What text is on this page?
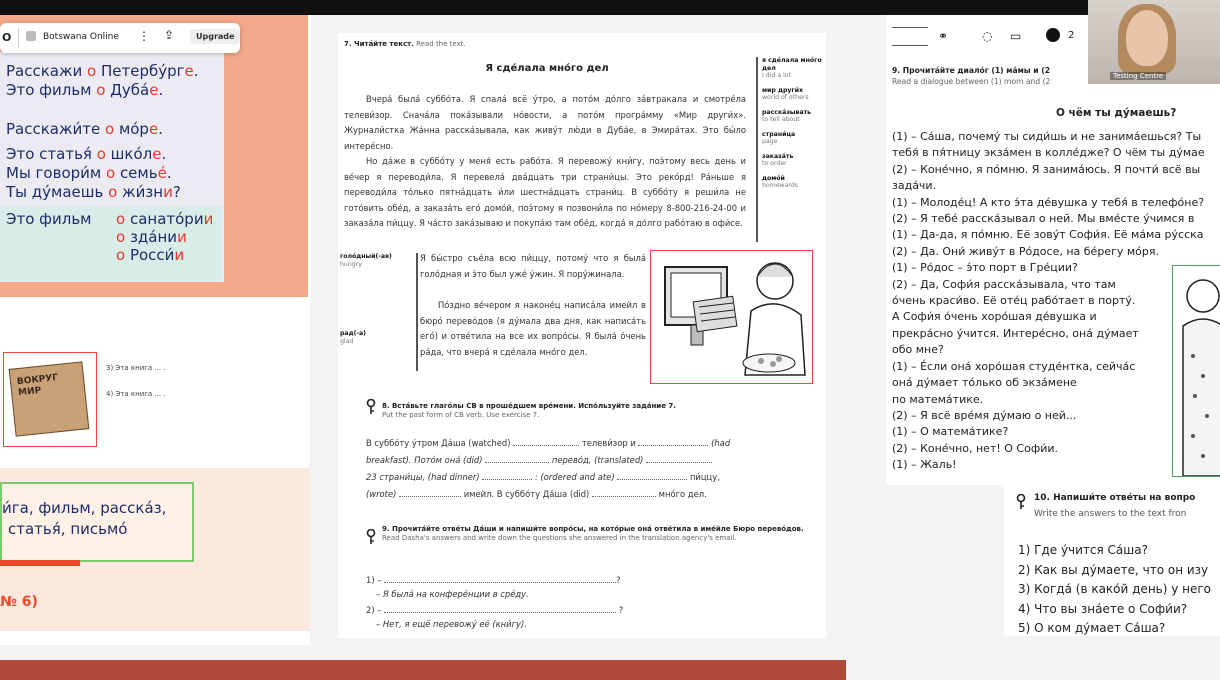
Расскажи о Петербу́рге.
Это фильм о Дуба́е.
Расскажи́те о мо́ре.
Это статья́ о шко́ле.
Мы говори́м о семье́.
Ты ду́маешь о жи́зни?
Это фильм о санато́рии
о зда́нии
о Росси́и
O	Botswana Online ⋮ ⇪	Upgrade
ВОКРУГ МИР
3) Эта книга ... .
4) Эта книга ... .
и́га, фильм, расска́з,
статья́, письмо́
№ 6)
7. Чита́йте текст. Read the text.
Я сде́лала мно́го дел
Вчера́ была́ суббо́та. Я спала́ всё у́тро, а пото́м до́лго за́втракала и смотре́ла телеви́зор. Снача́ла пока́зывали но́вости, а пото́м програ́мму «Мир други́х». Журнали́стка Жа́нна расска́зывала, как живу́т лю́ди в Дуба́е, в Эмира́тах. Это бы́ло интере́сно.
Но да́же в суббо́ту у меня́ есть рабо́та. Я перевожу́ кни́гу, поэ́тому весь день и ве́чер я переводи́ла. Я перевела́ два́дцать три страни́цы. Это реко́рд! Ра́ньше я переводи́ла то́лько пятна́дцать и́ли шестна́дцать страни́ц. В суббо́ту я реши́ла не гото́вить обе́д, а заказа́ть его́ домо́й, поэ́тому я позвони́ла по но́меру 8-800-216-24-00 и заказа́ла пи́ццу. Я ча́сто зака́зываю и покупа́ю там обе́д, когда́ я до́лго рабо́таю в офи́се.
я сде́лала мно́го дел
I did a lot
мир други́х
world of others
расска́зывать
to tell about
страни́ца
page
заказа́ть
to order
домо́й
homewards
голо́дный(-ая)
hungry
рад(-а)
glad
Я бы́стро съе́ла всю пи́ццу, потому́ что я была́ голо́дная и э́то был уже́ у́жин. Я пору́жинала.
По́здно ве́чером я наконе́ц написа́ла имейл в бюро́ перево́дов (я ду́мала два дня, как написа́ть его́) и отве́тила на все их вопро́сы. Я была́ о́чень ра́да, что вчера́ я сде́лала мно́го дел.
8. Вста́вьте глаго́лы СВ в проше́дшем вре́мени. Испо́льзуйте зада́ние 7.
Put the past form of CB verb. Use exercise 7.
В суббо́ту у́тром Да́ша (watched)	телеви́зор и	(had
breakfast). Пото́м она́ (did)	перево́д, (translated)
23 страни́цы, (had dinner)	: (ordered and ate)	пи́ццу,
(wrote)	имейл. В суббо́ту Да́ша (did)	мно́го дел.
9. Прочита́йте отве́ты Да́ши и напиши́те вопро́сы, на кото́рые она́ отве́тила в име́йле Бюро перево́дов. Read Dasha's answers and write down the questions she answered in the translation agency's email.
1) –	?
– Я была́ на конфере́нции в сре́ду.
2) –	?
– Нет, я ещё перевожу́ её (кни́гу).
⚭	◌ ▭	2
9. Прочита́йте диало́г (1) ма́мы и (2
Read a dialogue between (1) mom and (2
О чём ты ду́маешь?
(1) – Са́ша, почему́ ты сиди́шь и не занима́ешься? Ты
тебя́ в пя́тницу экза́мен в колле́дже? О чём ты ду́мае
(2) – Коне́чно, я по́мню. Я занима́юсь. Я почти́ всё вы
зада́чи.
(1) – Молоде́ц! А кто э́та де́вушка у тебя́ в телефо́не?
(2) – Я тебе́ расска́зывал о ней. Мы вме́сте у́чимся в
(1) – Да-да, я по́мню. Её зову́т Софи́я. Её ма́ма ру́сска
(2) – Да. Они́ живу́т в Ро́досе, на бе́регу мо́ря.
(1) – Ро́дос – э́то порт в Гре́ции?
(2) – Да, Софи́я расска́зывала, что там
о́чень краси́во. Её оте́ц рабо́тает в порту́.
А Софи́я о́чень хоро́шая де́вушка и
прекра́сно у́чится. Интере́сно, она́ ду́мает
обо мне?
(1) – Е́сли она́ хоро́шая студе́нтка, сейча́с
она́ ду́мает то́лько об экза́мене
по матема́тике.
(2) – Я всё вре́мя ду́маю о ней...
(1) – О матема́тике?
(2) – Коне́чно, нет! О Софи́и.
(1) – Жаль!
10. Напиши́те отве́ты на вопро
Write the answers to the text fron
1) Где у́чится Са́ша?
2) Как вы ду́маете, что он изу
3) Когда́ (в како́й день) у него
4) Что вы зна́ете о Софи́и?
5) О ком ду́мает Са́ша?
Testing Centre
